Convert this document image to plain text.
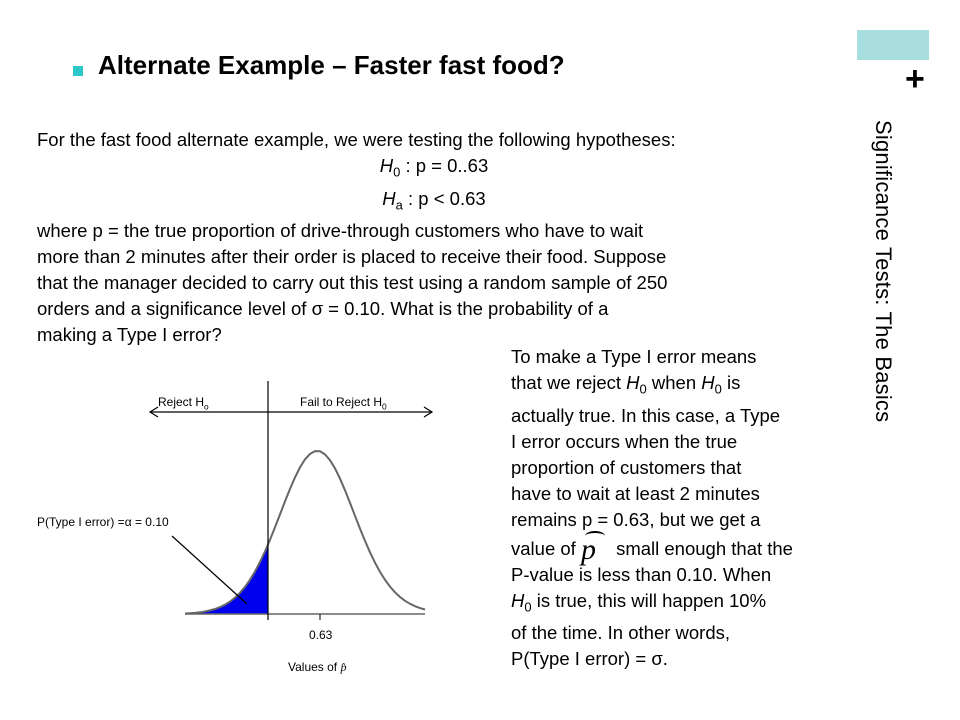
+
Significance Tests: The Basics
Alternate Example – Faster fast food?
For the fast food alternate example, we were testing the following hypotheses:
$H_0$ : p = 0..63
$H_a$ : p < 0.63
where p = the true proportion of drive-through customers who have to wait
more than 2 minutes after their order is placed to receive their food. Suppose
that the manager decided to carry out this test using a random sample of 250
orders and a significance level of σ = 0.10. What is the probability of a
making a Type I error?
Reject $H_o$	Fail to Reject $H_0$
P(Type I error) =α = 0.10
0.63
Values of p̂
To make a Type I error means
that we reject $H_0$ when $H_0$ is
actually true. In this case, a Type
I error occurs when the true
proportion of customers that
have to wait at least 2 minutes
remains p = 0.63, but we get a
value of p small enough that the
P-value is less than 0.10. When
$H_0$ is true, this will happen 10%
of the time. In other words,
P(Type I error) = σ.
